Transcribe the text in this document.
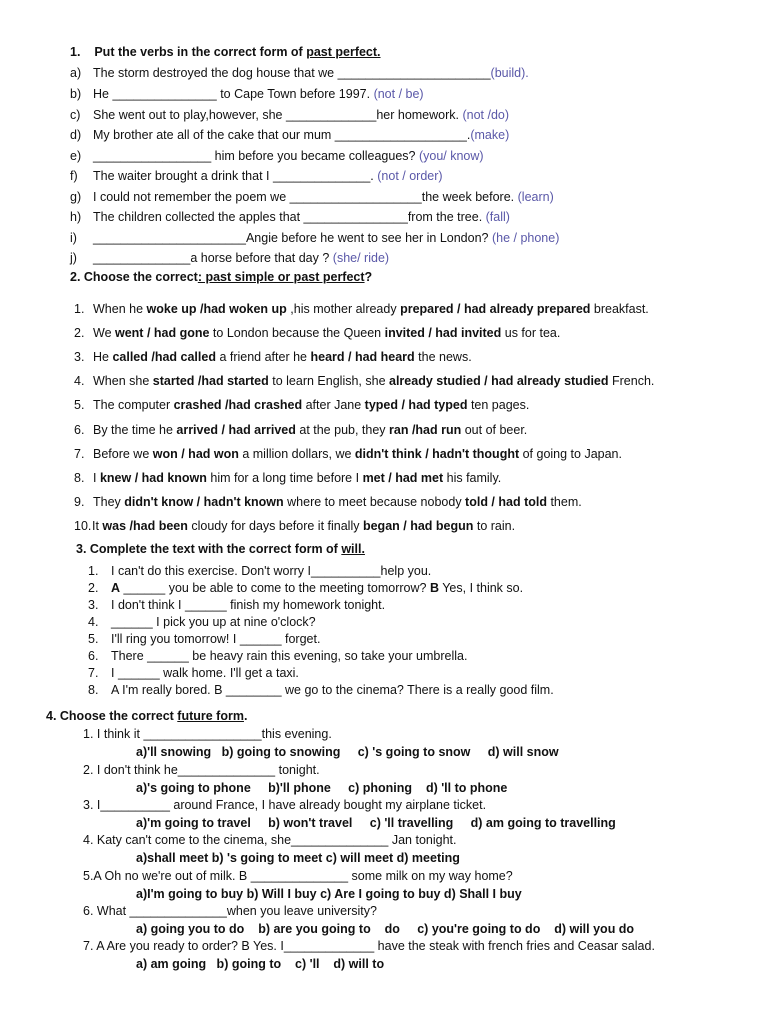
1. Put the verbs in the correct form of past perfect.
a) The storm destroyed the dog house that we ______________________(build).
b) He _______________ to Cape Town before 1997. (not / be)
c) She went out to play,however, she _____________her homework. (not /do)
d) My brother ate all of the cake that our mum ___________________.(make)
e) _________________ him before you became colleagues? (you/ know)
f) The waiter brought a drink that I ______________. (not / order)
g) I could not remember the poem we ___________________the week before. (learn)
h) The children collected the apples that _______________from the tree. (fall)
i) ______________________Angie before he went to see her in London? (he / phone)
j) ______________a horse before that day ? (she/ ride)
2. Choose the correct: past simple or past perfect?
1. When he woke up /had woken up ,his mother already prepared / had already prepared breakfast.
2. We went / had gone to London because the Queen invited / had invited us for tea.
3. He called /had called a friend after he heard / had heard the news.
4. When she started /had started to learn English, she already studied / had already studied French.
5. The computer crashed /had crashed after Jane typed / had typed ten pages.
6. By the time he arrived / had arrived at the pub, they ran /had run out of beer.
7. Before we won / had won a million dollars, we didn't think / hadn't thought of going to Japan.
8. I knew / had known him for a long time before I met / had met his family.
9. They didn't know / hadn't known where to meet because nobody told / had told them.
10.It was /had been cloudy for days before it finally began / had begun to rain.
3. Complete the text with the correct form of will.
1. I can't do this exercise. Don't worry I__________help you.
2. A ______ you be able to come to the meeting tomorrow? B Yes, I think so.
3. I don't think I ______ finish my homework tonight.
4. ______ I pick you up at nine o'clock?
5. I'll ring you tomorrow! I ______ forget.
6. There ______ be heavy rain this evening, so take your umbrella.
7. I ______ walk home. I'll get a taxi.
8. A I'm really bored. B ________ we go to the cinema? There is a really good film.
4. Choose the correct future form.
1. I think it _________________this evening.
a)'ll snowing   b) going to snowing     c) 's going to snow     d) will snow
2. I don't think he______________ tonight.
a)'s going to phone     b)'ll phone     c) phoning    d) 'll to phone
3. I__________ around France, I have already bought my airplane ticket.
a)'m going to travel     b) won't travel     c) 'll travelling     d) am going to travelling
4. Katy can't come to the cinema, she______________ Jan tonight.
a)shall meet b) 's going to meet c) will meet d) meeting
5.A Oh no we're out of milk. B ______________ some milk on my way home?
a)I'm going to buy b) Will I buy c) Are I going to buy d) Shall I buy
6. What ______________when you leave university?
a) going you to do    b) are you going to    do     c) you're going to do    d) will you do
7. A Are you ready to order? B Yes. I_____________ have the steak with french fries and Ceasar salad.
a) am going   b) going to    c) 'll    d) will to
